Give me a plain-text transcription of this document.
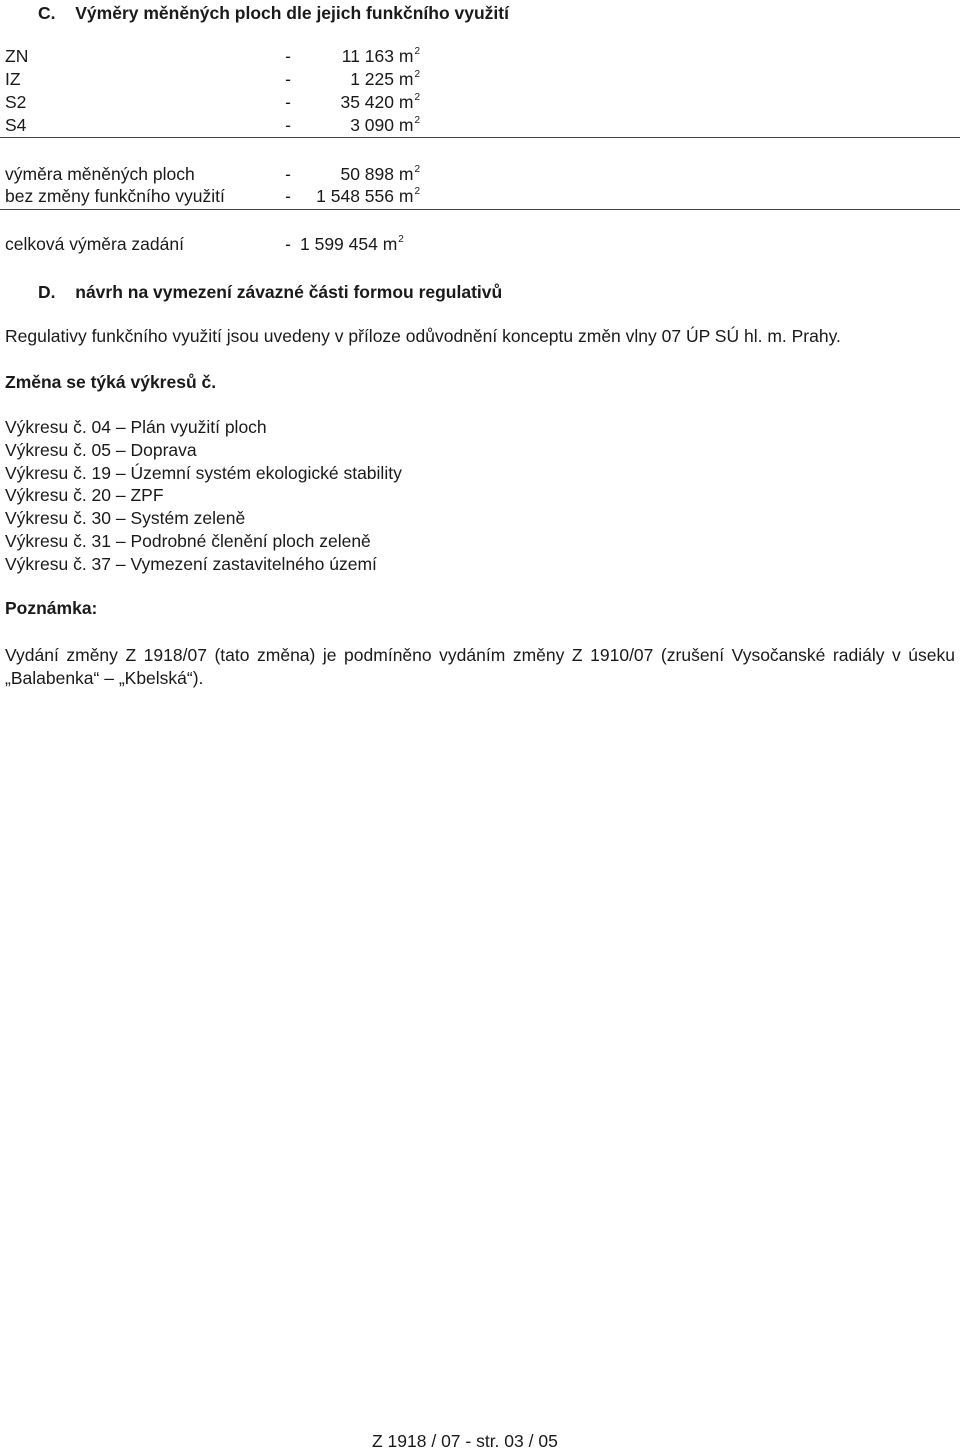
C. Výměry měněných ploch dle jejich funkčního využití
ZN	-	11 163 $m^2$
IZ	-	1 225 $m^2$
S2	-	35 420 $m^2$
S4	-	3 090 $m^2$
výměra měněných ploch	-	50 898 $m^2$
bez změny funkčního využití	-	1 548 556 $m^2$
celková výměra zadání	- 1 599 454 $m^2$
D. návrh na vymezení závazné části formou regulativů
Regulativy funkčního využití jsou uvedeny v příloze odůvodnění konceptu změn vlny 07 ÚP SÚ hl. m. Prahy.
Změna se týká výkresů č.
Výkresu č. 04 – Plán využití ploch
Výkresu č. 05 – Doprava
Výkresu č. 19 – Územní systém ekologické stability
Výkresu č. 20 – ZPF
Výkresu č. 30 – Systém zeleně
Výkresu č. 31 – Podrobné členění ploch zeleně
Výkresu č. 37 – Vymezení zastavitelného území
Poznámka:
Vydání změny Z 1918/07 (tato změna) je podmíněno vydáním změny Z 1910/07 (zrušení Vysočanské radiály v úseku „Balabenka“ – „Kbelská“).
Z 1918 / 07 - str. 03 / 05
